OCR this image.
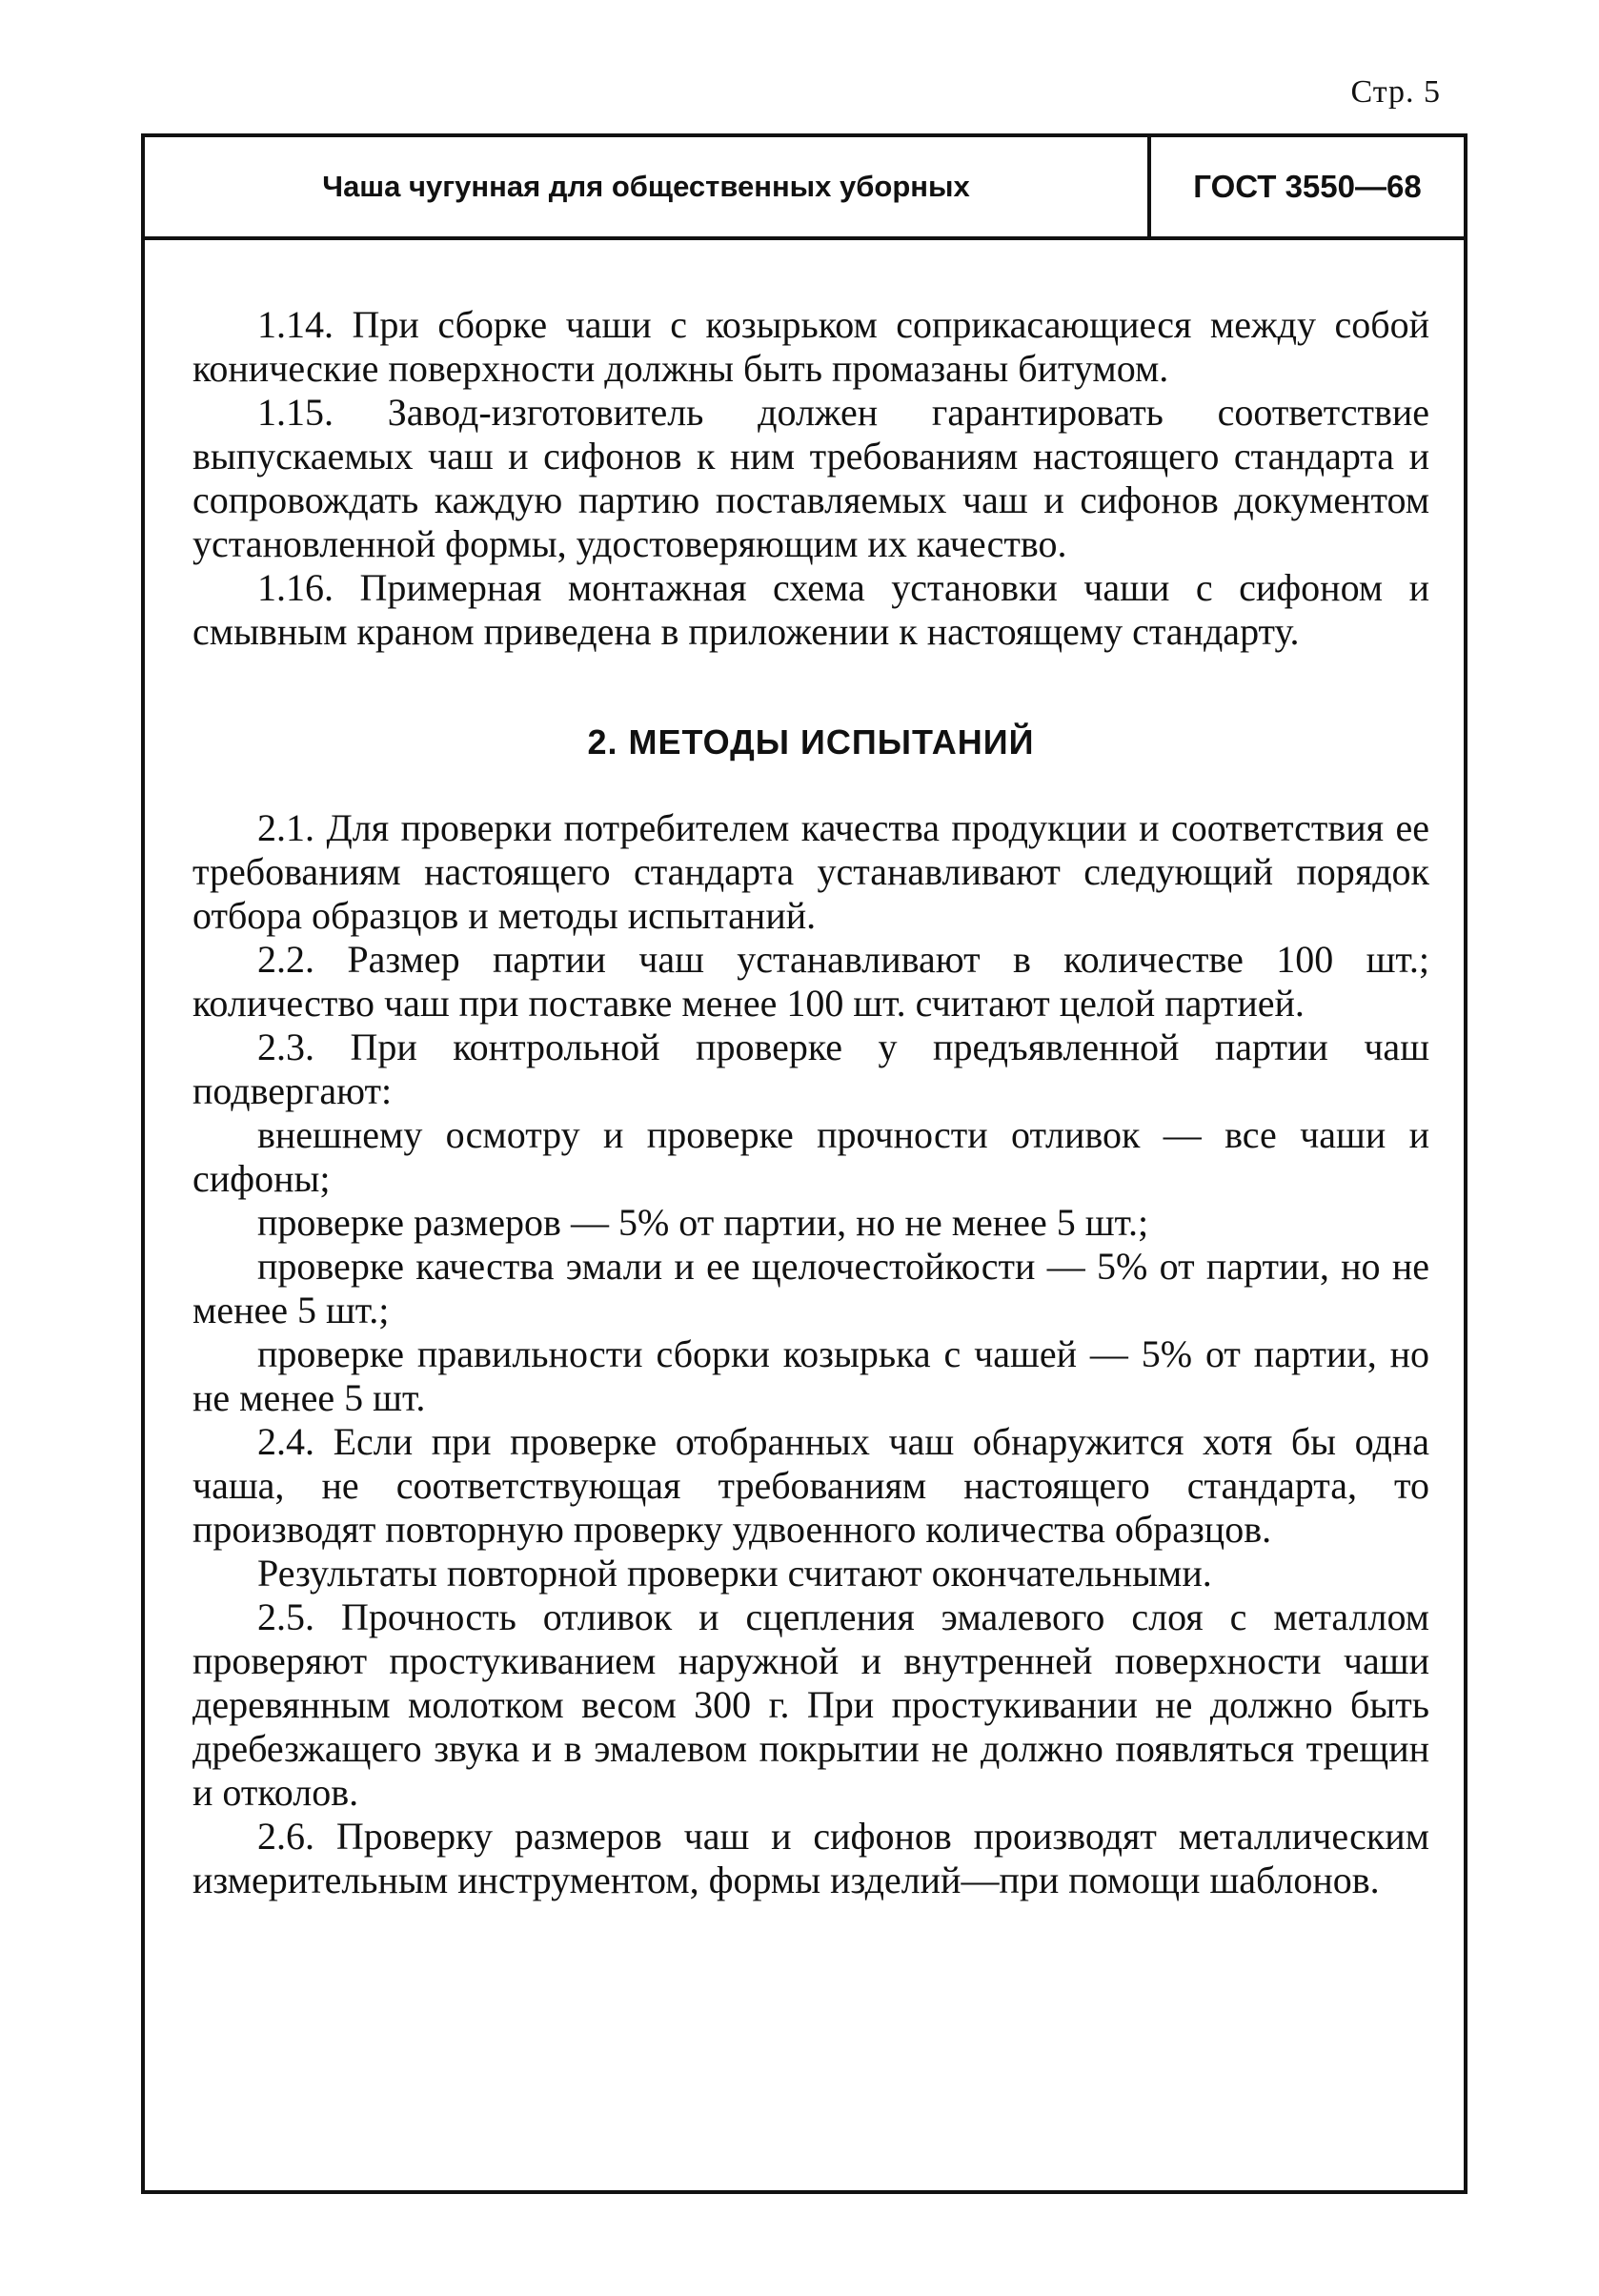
Стр. 5
Чаша чугунная для общественных уборных	ГОСТ 3550—68

1.14. При сборке чаши с козырьком соприкасающиеся между собой конические поверхности должны быть промазаны битумом.

1.15. Завод-изготовитель должен гарантировать соответствие выпускаемых чаш и сифонов к ним требованиям настоящего стандарта и сопровождать каждую партию поставляемых чаш и сифонов документом установленной формы, удостоверяющим их качество.

1.16. Примерная монтажная схема установки чаши с сифоном и смывным краном приведена в приложении к настоящему стандарту.

2. МЕТОДЫ ИСПЫТАНИЙ

2.1. Для проверки потребителем качества продукции и соответствия ее требованиям настоящего стандарта устанавливают следующий порядок отбора образцов и методы испытаний.

2.2. Размер партии чаш устанавливают в количестве 100 шт.; количество чаш при поставке менее 100 шт. считают целой партией.

2.3. При контрольной проверке у предъявленной партии чаш подвергают:

внешнему осмотру и проверке прочности отливок — все чаши и сифоны;

проверке размеров — 5% от партии, но не менее 5 шт.;

проверке качества эмали и ее щелочестойкости — 5% от партии, но не менее 5 шт.;

проверке правильности сборки козырька с чашей — 5% от партии, но не менее 5 шт.

2.4. Если при проверке отобранных чаш обнаружится хотя бы одна чаша, не соответствующая требованиям настоящего стандарта, то производят повторную проверку удвоенного количества образцов.

Результаты повторной проверки считают окончательными.

2.5. Прочность отливок и сцепления эмалевого слоя с металлом проверяют простукиванием наружной и внутренней поверхности чаши деревянным молотком весом 300 г. При простукивании не должно быть дребезжащего звука и в эмалевом покрытии не должно появляться трещин и отколов.

2.6. Проверку размеров чаш и сифонов производят металлическим измерительным инструментом, формы изделий—при помощи шаблонов.
